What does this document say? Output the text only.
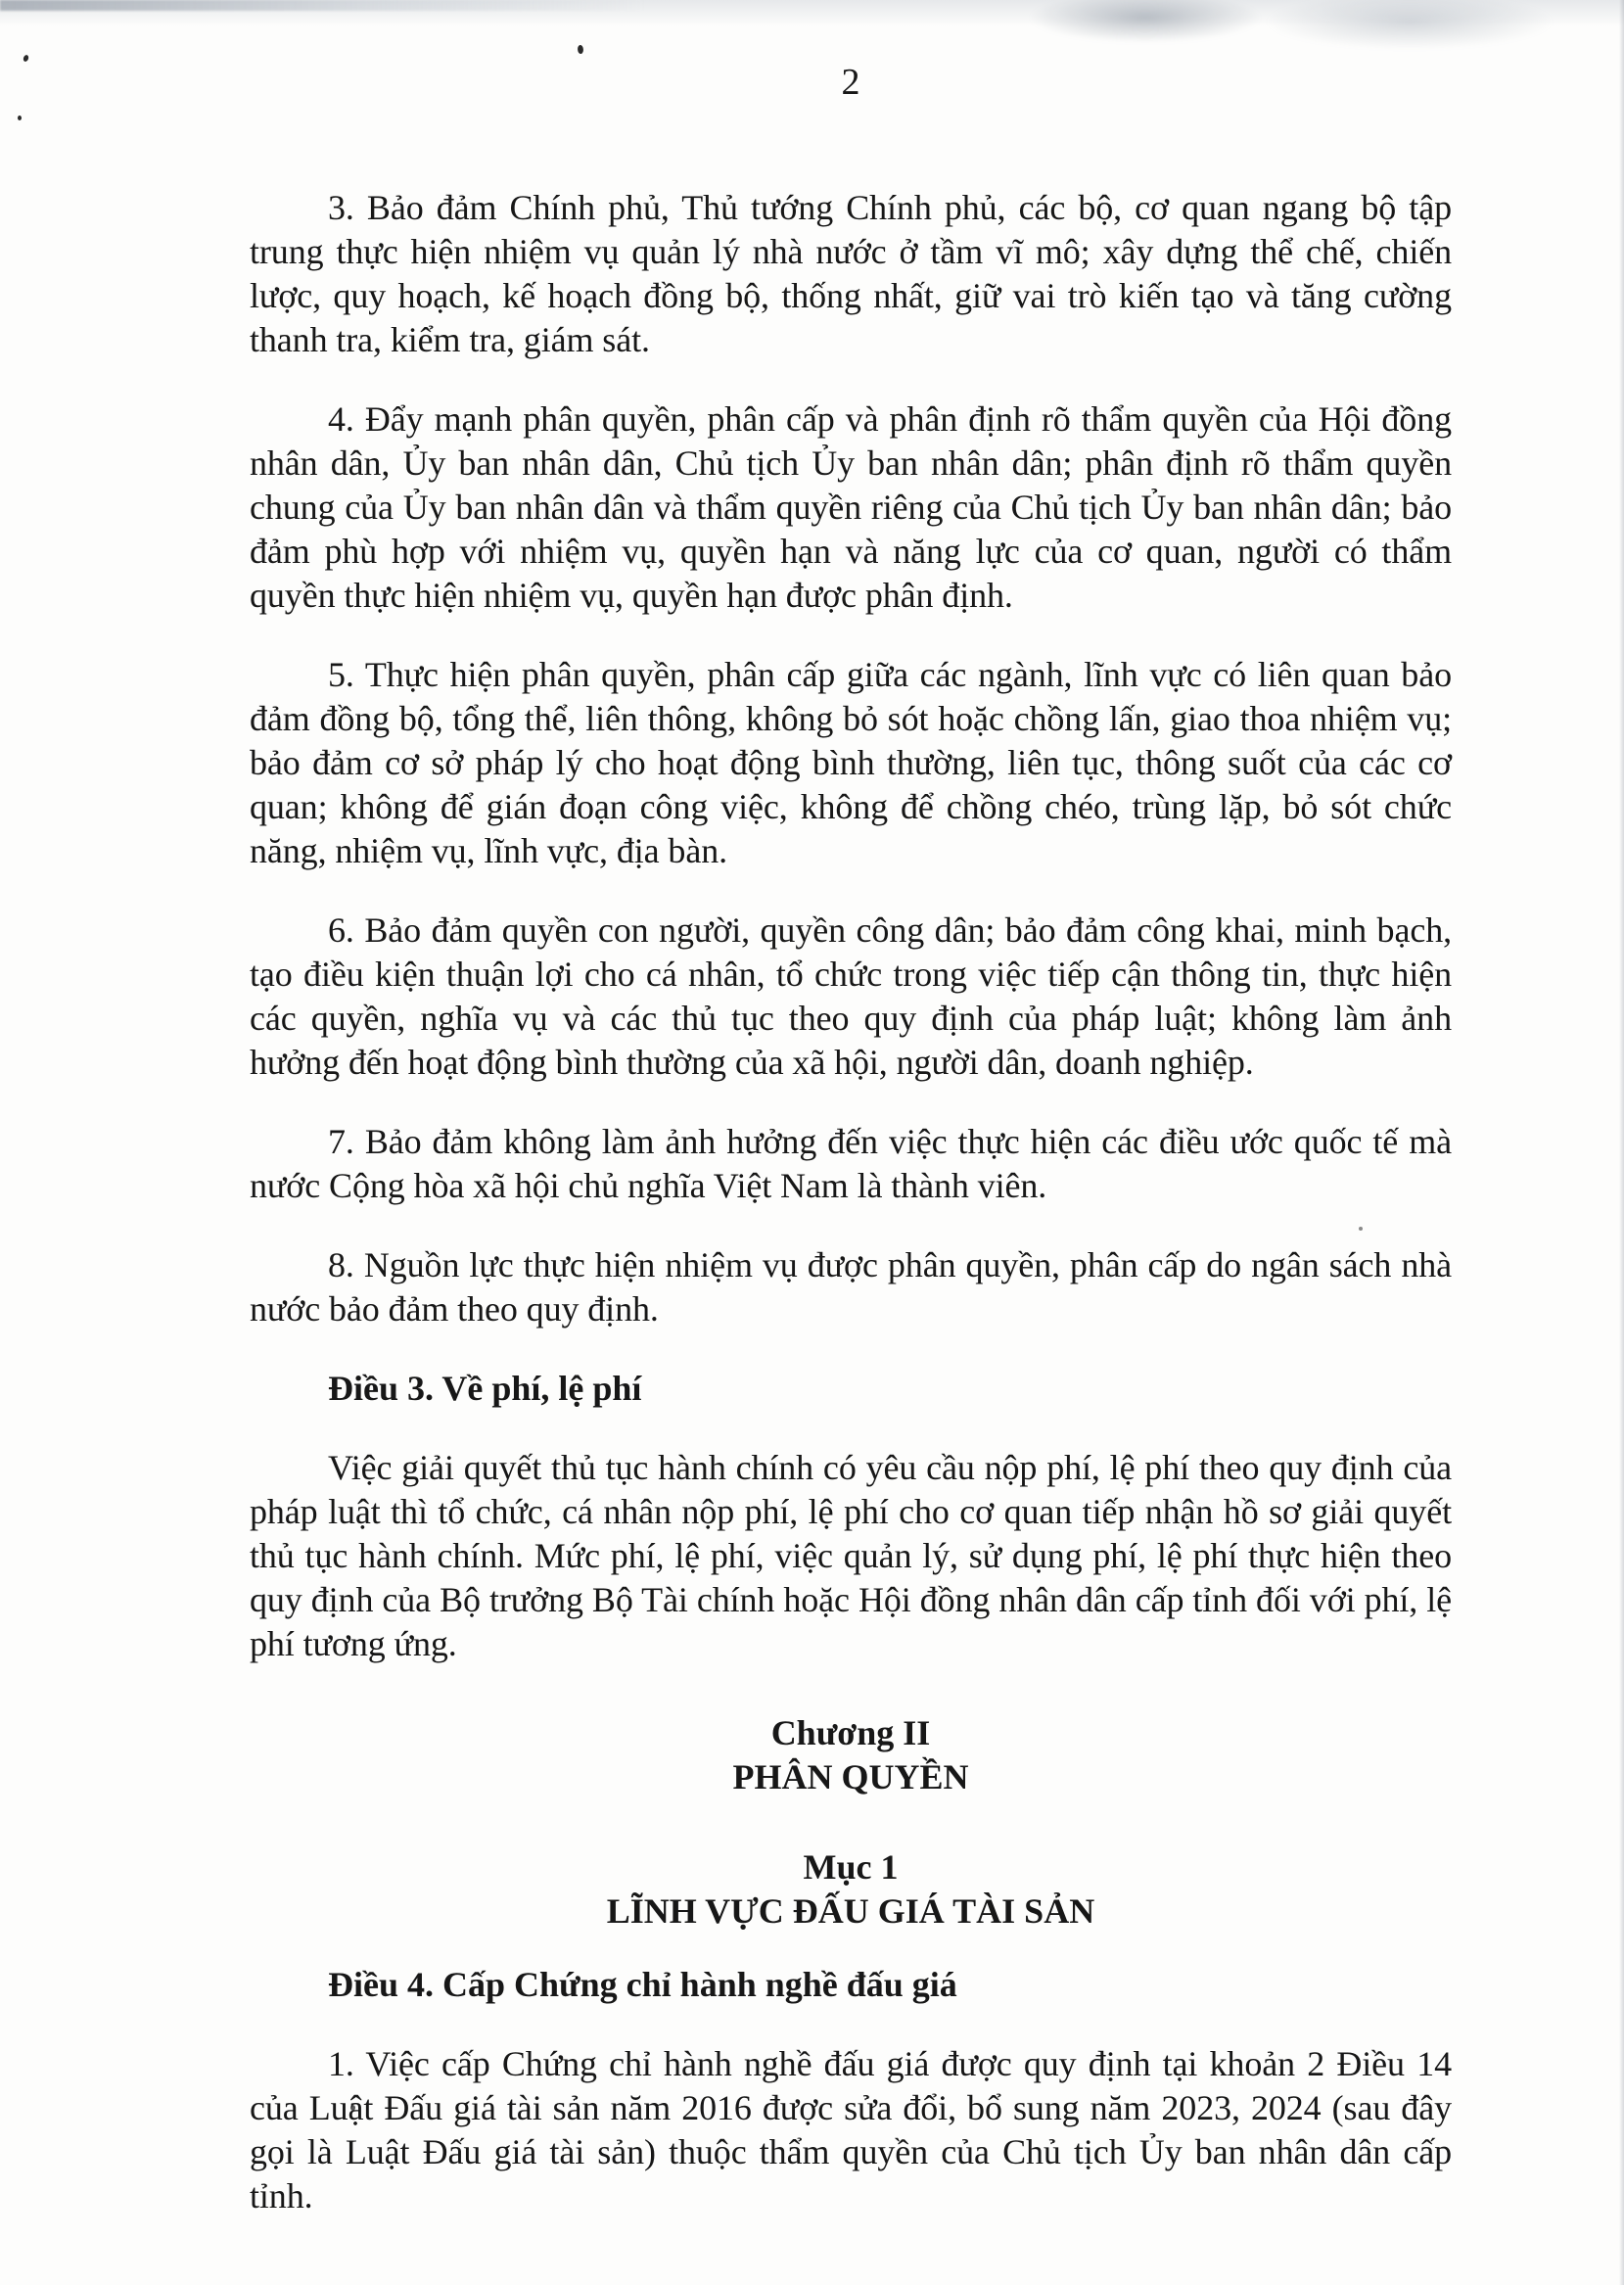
2

3. Bảo đảm Chính phủ, Thủ tướng Chính phủ, các bộ, cơ quan ngang bộ tập trung thực hiện nhiệm vụ quản lý nhà nước ở tầm vĩ mô; xây dựng thể chế, chiến lược, quy hoạch, kế hoạch đồng bộ, thống nhất, giữ vai trò kiến tạo và tăng cường thanh tra, kiểm tra, giám sát.

4. Đẩy mạnh phân quyền, phân cấp và phân định rõ thẩm quyền của Hội đồng nhân dân, Ủy ban nhân dân, Chủ tịch Ủy ban nhân dân; phân định rõ thẩm quyền chung của Ủy ban nhân dân và thẩm quyền riêng của Chủ tịch Ủy ban nhân dân; bảo đảm phù hợp với nhiệm vụ, quyền hạn và năng lực của cơ quan, người có thẩm quyền thực hiện nhiệm vụ, quyền hạn được phân định.

5. Thực hiện phân quyền, phân cấp giữa các ngành, lĩnh vực có liên quan bảo đảm đồng bộ, tổng thể, liên thông, không bỏ sót hoặc chồng lấn, giao thoa nhiệm vụ; bảo đảm cơ sở pháp lý cho hoạt động bình thường, liên tục, thông suốt của các cơ quan; không để gián đoạn công việc, không để chồng chéo, trùng lặp, bỏ sót chức năng, nhiệm vụ, lĩnh vực, địa bàn.

6. Bảo đảm quyền con người, quyền công dân; bảo đảm công khai, minh bạch, tạo điều kiện thuận lợi cho cá nhân, tổ chức trong việc tiếp cận thông tin, thực hiện các quyền, nghĩa vụ và các thủ tục theo quy định của pháp luật; không làm ảnh hưởng đến hoạt động bình thường của xã hội, người dân, doanh nghiệp.

7. Bảo đảm không làm ảnh hưởng đến việc thực hiện các điều ước quốc tế mà nước Cộng hòa xã hội chủ nghĩa Việt Nam là thành viên.

8. Nguồn lực thực hiện nhiệm vụ được phân quyền, phân cấp do ngân sách nhà nước bảo đảm theo quy định.

Điều 3. Về phí, lệ phí

Việc giải quyết thủ tục hành chính có yêu cầu nộp phí, lệ phí theo quy định của pháp luật thì tổ chức, cá nhân nộp phí, lệ phí cho cơ quan tiếp nhận hồ sơ giải quyết thủ tục hành chính. Mức phí, lệ phí, việc quản lý, sử dụng phí, lệ phí thực hiện theo quy định của Bộ trưởng Bộ Tài chính hoặc Hội đồng nhân dân cấp tỉnh đối với phí, lệ phí tương ứng.

Chương II
PHÂN QUYỀN
Mục 1
LĨNH VỰC ĐẤU GIÁ TÀI SẢN

Điều 4. Cấp Chứng chỉ hành nghề đấu giá

1. Việc cấp Chứng chỉ hành nghề đấu giá được quy định tại khoản 2 Điều 14 của Luật Đấu giá tài sản năm 2016 được sửa đổi, bổ sung năm 2023, 2024 (sau đây gọi là Luật Đấu giá tài sản) thuộc thẩm quyền của Chủ tịch Ủy ban nhân dân cấp tỉnh.
